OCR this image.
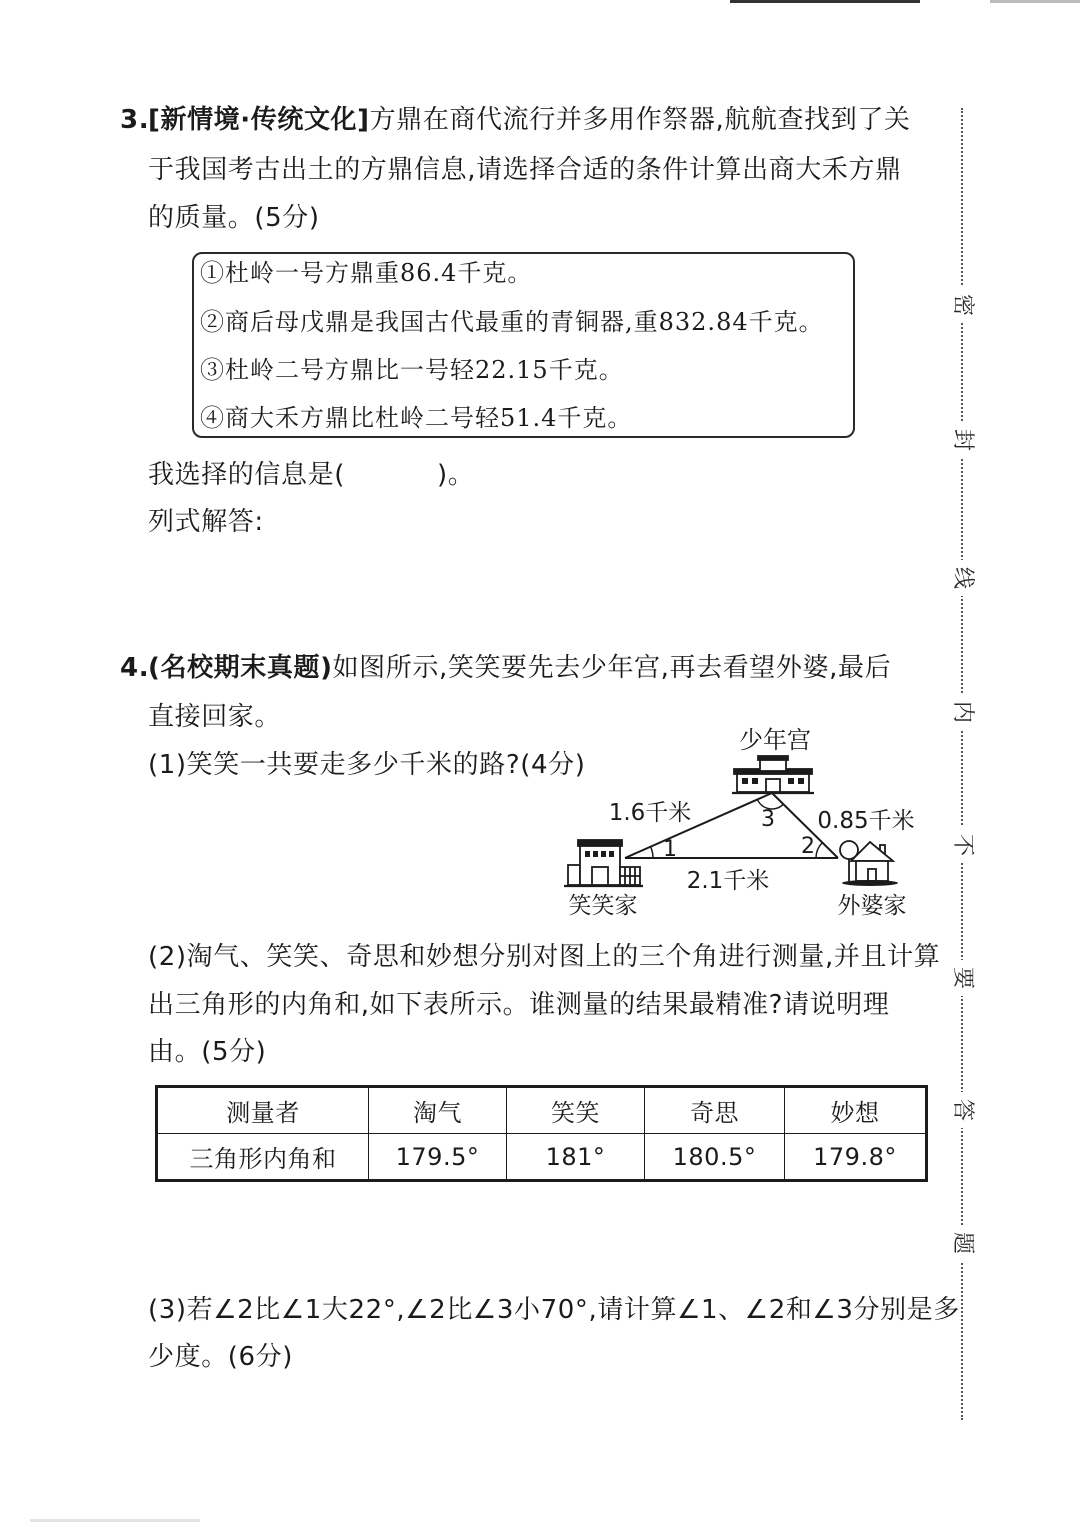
3.[新情境·传统文化]方鼎在商代流行并多用作祭器,航航查找到了关
于我国考古出土的方鼎信息,请选择合适的条件计算出商大禾方鼎
的质量。(5分)
①杜岭一号方鼎重86.4千克。
②商后母戊鼎是我国古代最重的青铜器,重832.84千克。
③杜岭二号方鼎比一号轻22.15千克。
④商大禾方鼎比杜岭二号轻51.4千克。
我选择的信息是(	)。
列式解答:
4.(名校期末真题)如图所示,笑笑要先去少年宫,再去看望外婆,最后
直接回家。
(1)笑笑一共要走多少千米的路?(4分)
少年宫
1.6千米	3 0.85千米
2
1
2.1千米
笑笑家	外婆家
(2)淘气、笑笑、奇思和妙想分别对图上的三个角进行测量,并且计算
出三角形的内角和,如下表所示。谁测量的结果最精准?请说明理
由。(5分)
测量者	淘气	笑笑	奇思	妙想
三角形内角和	179.5°	181°	180.5°	179.8°
(3)若∠2比∠1大22°,∠2比∠3小70°,请计算∠1、∠2和∠3分别是多
少度。(6分)
密
封
线
内
不
要
答
题
